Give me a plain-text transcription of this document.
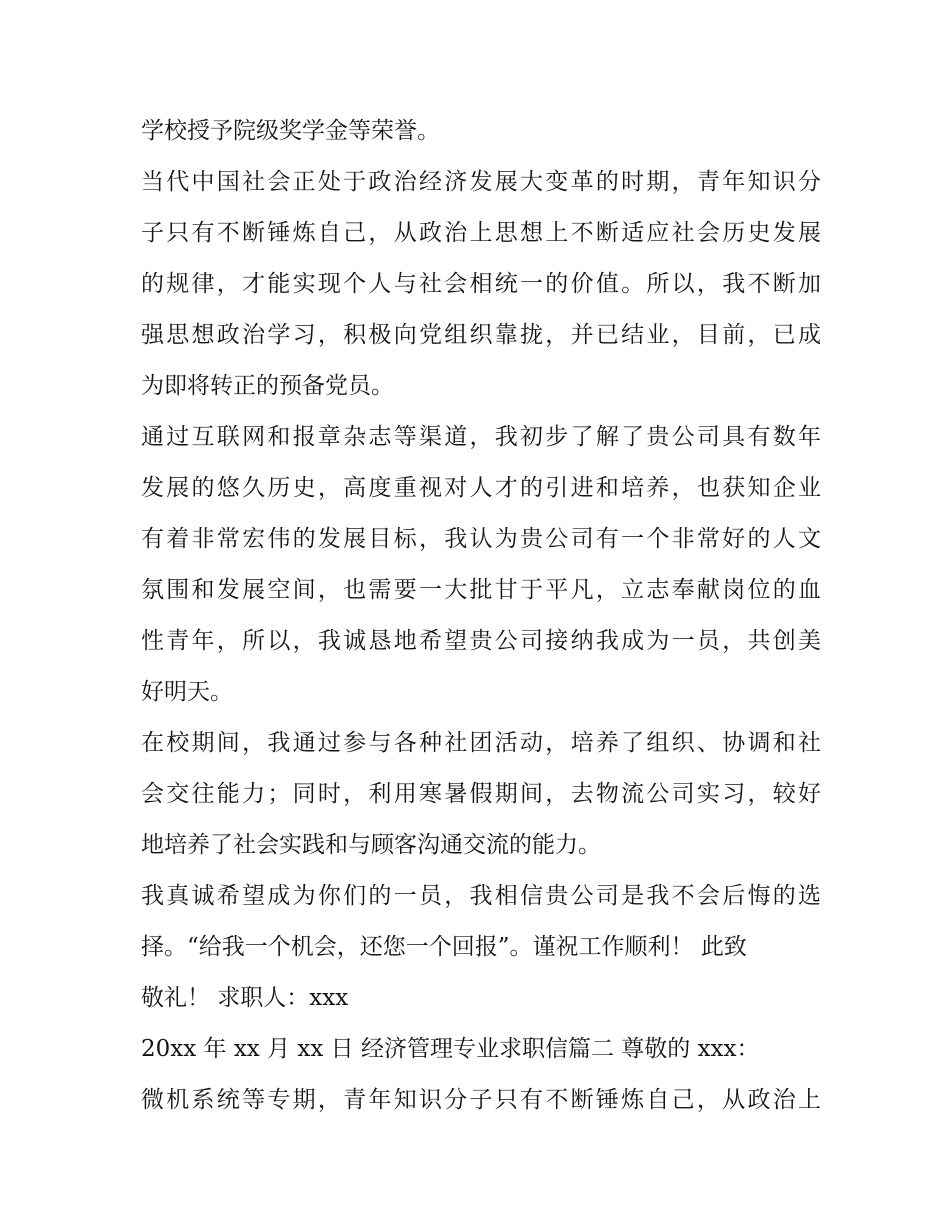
学校授予院级奖学金等荣誉。
当代中国社会正处于政治经济发展大变革的时期，青年知识分
子只有不断锤炼自己，从政治上思想上不断适应社会历史发展
的规律，才能实现个人与社会相统一的价值。所以，我不断加
强思想政治学习，积极向党组织靠拢，并已结业，目前，已成
为即将转正的预备党员。
通过互联网和报章杂志等渠道，我初步了解了贵公司具有数年
发展的悠久历史，高度重视对人才的引进和培养，也获知企业
有着非常宏伟的发展目标，我认为贵公司有一个非常好的人文
氛围和发展空间，也需要一大批甘于平凡，立志奉献岗位的血
性青年，所以，我诚恳地希望贵公司接纳我成为一员，共创美
好明天。
在校期间，我通过参与各种社团活动，培养了组织、协调和社
会交往能力；同时，利用寒暑假期间，去物流公司实习，较好
地培养了社会实践和与顾客沟通交流的能力。
我真诚希望成为你们的一员，我相信贵公司是我不会后悔的选
择。“给我一个机会，还您一个回报”。谨祝工作顺利！ 此致
敬礼！ 求职人：xxx
20xx 年 xx 月 xx 日 经济管理专业求职信篇二 尊敬的 xxx：
微机系统等专期，青年知识分子只有不断锤炼自己，从政治上
